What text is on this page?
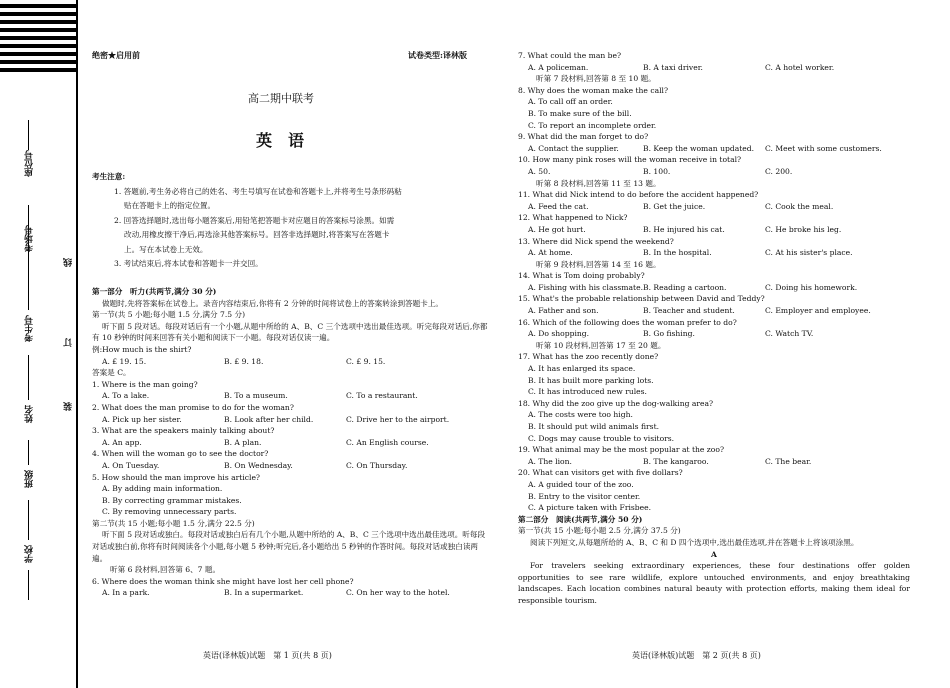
座位号
考场号
考生号
姓名
班级
学校
线
订
装
绝密★启用前	试卷类型:译林版
高二期中联考
英　语

考生注意:

1. 答题前,考生务必将自己的姓名、考生号填写在试卷和答题卡上,并将考生号条形码粘

贴在答题卡上的指定位置。

2. 回答选择题时,选出每小题答案后,用铅笔把答题卡对应题目的答案标号涂黑。如需

改动,用橡皮擦干净后,再选涂其他答案标号。回答非选择题时,将答案写在答题卡

上。写在本试卷上无效。

3. 考试结束后,将本试卷和答题卡一并交回。

第一部分　听力(共两节,满分 30 分)

做题时,先将答案标在试卷上。录音内容结束后,你将有 2 分钟的时间将试卷上的答案转涂到答题卡上。

第一节(共 5 小题;每小题 1.5 分,满分 7.5 分)

听下面 5 段对话。每段对话后有一个小题,从题中所给的 A、B、C 三个选项中选出最佳选项。听完每段对话后,你都有 10 秒钟的时间来回答有关小题和阅读下一小题。每段对话仅读一遍。

例:How much is the shirt?

A. £ 19. 15.	B. £ 9. 18.	C. £ 9. 15.

答案是 C。

1. Where is the man going?

A. To a lake.	B. To a museum.	C. To a restaurant.

2. What does the man promise to do for the woman?

A. Pick up her sister.	B. Look after her child.	C. Drive her to the airport.

3. What are the speakers mainly talking about?

A. An app.	B. A plan.	C. An English course.

4. When will the woman go to see the doctor?

A. On Tuesday.	B. On Wednesday.	C. On Thursday.

5. How should the man improve his article?

A. By adding main information.

B. By correcting grammar mistakes.

C. By removing unnecessary parts.

第二节(共 15 小题;每小题 1.5 分,满分 22.5 分)

听下面 5 段对话或独白。每段对话或独白后有几个小题,从题中所给的 A、B、C 三个选项中选出最佳选项。听每段对话或独白前,你将有时间阅读各个小题,每小题 5 秒钟;听完后,各小题给出 5 秒钟的作答时间。每段对话或独白读两遍。

听第 6 段材料,回答第 6、7 题。

6. Where does the woman think she might have lost her cell phone?

A. In a park.	B. In a supermarket.	C. On her way to the hotel.

7. What could the man be?

A. A policeman.	B. A taxi driver.	C. A hotel worker.

听第 7 段材料,回答第 8 至 10 题。

8. Why does the woman make the call?

A. To call off an order.

B. To make sure of the bill.

C. To report an incomplete order.

9. What did the man forget to do?

A. Contact the supplier.	B. Keep the woman updated.	C. Meet with some customers.

10. How many pink roses will the woman receive in total?

A. 50.	B. 100.	C. 200.

听第 8 段材料,回答第 11 至 13 题。

11. What did Nick intend to do before the accident happened?

A. Feed the cat.	B. Get the juice.	C. Cook the meal.

12. What happened to Nick?

A. He got hurt.	B. He injured his cat.	C. He broke his leg.

13. Where did Nick spend the weekend?

A. At home.	B. In the hospital.	C. At his sister's place.

听第 9 段材料,回答第 14 至 16 题。

14. What is Tom doing probably?

A. Fishing with his classmate. B. Reading a cartoon.	C. Doing his homework.

15. What's the probable relationship between David and Teddy?

A. Father and son.	B. Teacher and student.	C. Employer and employee.

16. Which of the following does the woman prefer to do?

A. Do shopping.	B. Go fishing.	C. Watch TV.

听第 10 段材料,回答第 17 至 20 题。

17. What has the zoo recently done?

A. It has enlarged its space.

B. It has built more parking lots.

C. It has introduced new rules.

18. Why did the zoo give up the dog-walking area?

A. The costs were too high.

B. It should put wild animals first.

C. Dogs may cause trouble to visitors.

19. What animal may be the most popular at the zoo?

A. The lion.	B. The kangaroo.	C. The bear.

20. What can visitors get with five dollars?

A. A guided tour of the zoo.

B. Entry to the visitor center.

C. A picture taken with Frisbee.

第二部分　阅读(共两节,满分 50 分)

第一节(共 15 小题;每小题 2.5 分,满分 37.5 分)

阅读下列短文,从每题所给的 A、B、C 和 D 四个选项中,选出最佳选项,并在答题卡上将该项涂黑。

A

For travelers seeking extraordinary experiences, these four destinations offer golden opportunities to see rare wildlife, explore untouched environments, and enjoy breathtaking landscapes. Each location combines natural beauty with protection efforts, making them ideal for responsible tourism.

英语(译林版)试题　第 1 页(共 8 页)	英语(译林版)试题　第 2 页(共 8 页)
